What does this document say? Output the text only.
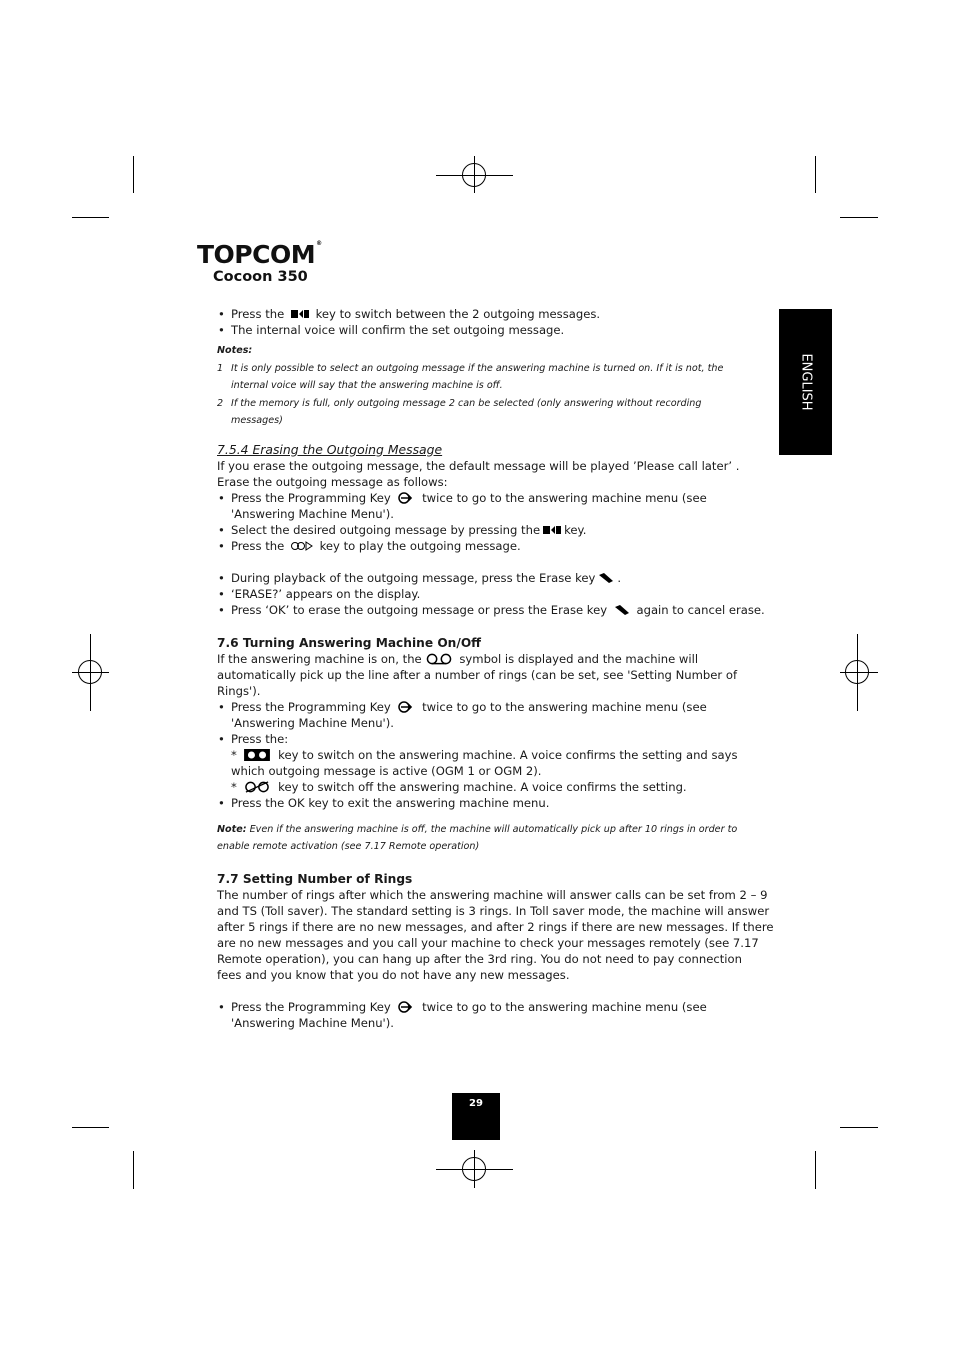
TOPCOM®
Cocoon 350
ENGLISH
• Press the	key to switch between the 2 outgoing messages.
• The internal voice will confirm the set outgoing message.
Notes:
1 It is only possible to select an outgoing message if the answering machine is turned on. If it is not, the
internal voice will say that the answering machine is off.
2 If the memory is full, only outgoing message 2 can be selected (only answering without recording
messages)
7.5.4 Erasing the Outgoing Message
If you erase the outgoing message, the default message will be played ’Please call later’ .
Erase the outgoing message as follows:
• Press the Programming Key	twice to go to the answering machine menu (see
'Answering Machine Menu').
• Select the desired outgoing message by pressing the key.
• Press the	key to play the outgoing message.
• During playback of the outgoing message, press the Erase key .
• ‘ERASE?’ appears on the display.
• Press ‘OK’ to erase the outgoing message or press the Erase key	again to cancel erase.
7.6 Turning Answering Machine On/Off
If the answering machine is on, the	symbol is displayed and the machine will
automatically pick up the line after a number of rings (can be set, see 'Setting Number of
Rings').
• Press the Programming Key	twice to go to the answering machine menu (see
'Answering Machine Menu').
• Press the:
*	key to switch on the answering machine. A voice confirms the setting and says
which outgoing message is active (OGM 1 or OGM 2).
*	key to switch off the answering machine. A voice confirms the setting.
• Press the OK key to exit the answering machine menu.
Note: Even if the answering machine is off, the machine will automatically pick up after 10 rings in order to
enable remote activation (see 7.17 Remote operation)
7.7 Setting Number of Rings
The number of rings after which the answering machine will answer calls can be set from 2 – 9
and TS (Toll saver). The standard setting is 3 rings. In Toll saver mode, the machine will answer
after 5 rings if there are no new messages, and after 2 rings if there are new messages. If there
are no new messages and you call your machine to check your messages remotely (see 7.17
Remote operation), you can hang up after the 3rd ring. You do not need to pay connection
fees and you know that you do not have any new messages.
• Press the Programming Key	twice to go to the answering machine menu (see
'Answering Machine Menu').
29
